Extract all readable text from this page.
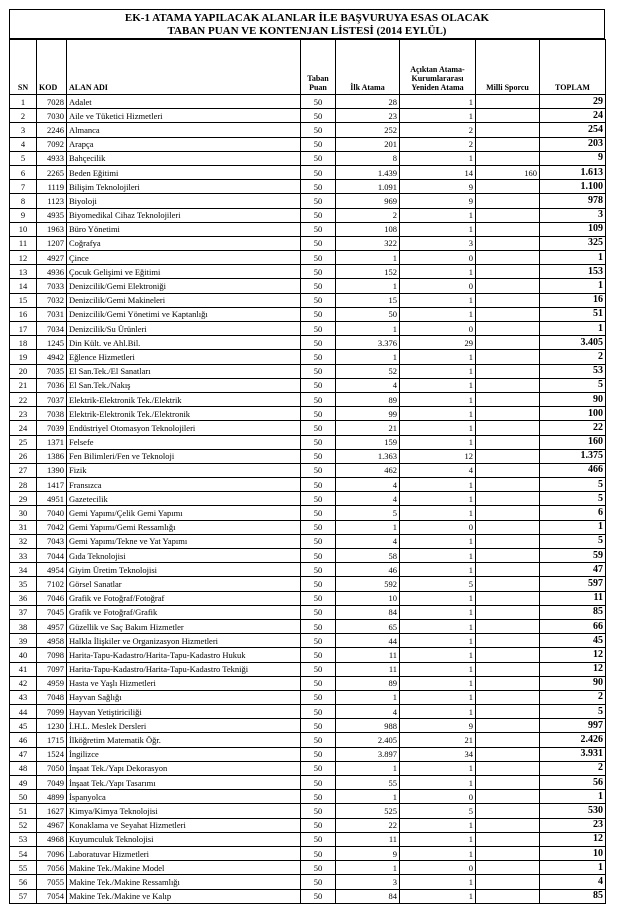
EK-1 ATAMA YAPILACAK ALANLAR İLE BAŞVURUYA ESAS OLACAK
TABAN PUAN VE KONTENJAN LİSTESİ (2014 EYLÜL)
SN	KOD	ALAN ADI	Taban Puan	İlk Atama	Açıktan Atama-Kurumlararası Yeniden Atama	Milli Sporcu	TOPLAM
1	7028	Adalet	50	28	1		29
2	7030	Aile ve Tüketici Hizmetleri	50	23	1		24
3	2246	Almanca	50	252	2		254
4	7092	Arapça	50	201	2		203
5	4933	Bahçecilik	50	8	1		9
6	2265	Beden Eğitimi	50	1.439	14	160	1.613
7	1119	Bilişim Teknolojileri	50	1.091	9		1.100
8	1123	Biyoloji	50	969	9		978
9	4935	Biyomedikal Cihaz Teknolojileri	50	2	1		3
10	1963	Büro Yönetimi	50	108	1		109
11	1207	Coğrafya	50	322	3		325
12	4927	Çince	50	1	0		1
13	4936	Çocuk Gelişimi ve Eğitimi	50	152	1		153
14	7033	Denizcilik/Gemi Elektroniği	50	1	0		1
15	7032	Denizcilik/Gemi Makineleri	50	15	1		16
16	7031	Denizcilik/Gemi Yönetimi ve Kaptanlığı	50	50	1		51
17	7034	Denizcilik/Su Ürünleri	50	1	0		1
18	1245	Din Kült. ve Ahl.Bil.	50	3.376	29		3.405
19	4942	Eğlence Hizmetleri	50	1	1		2
20	7035	El San.Tek./El Sanatları	50	52	1		53
21	7036	El San.Tek./Nakış	50	4	1		5
22	7037	Elektrik-Elektronik Tek./Elektrik	50	89	1		90
23	7038	Elektrik-Elektronik Tek./Elektronik	50	99	1		100
24	7039	Endüstriyel Otomasyon Teknolojileri	50	21	1		22
25	1371	Felsefe	50	159	1		160
26	1386	Fen Bilimleri/Fen ve Teknoloji	50	1.363	12		1.375
27	1390	Fizik	50	462	4		466
28	1417	Fransızca	50	4	1		5
29	4951	Gazetecilik	50	4	1		5
30	7040	Gemi Yapımı/Çelik Gemi Yapımı	50	5	1		6
31	7042	Gemi Yapımı/Gemi Ressamlığı	50	1	0		1
32	7043	Gemi Yapımı/Tekne ve Yat Yapımı	50	4	1		5
33	7044	Gıda Teknolojisi	50	58	1		59
34	4954	Giyim Üretim Teknolojisi	50	46	1		47
35	7102	Görsel Sanatlar	50	592	5		597
36	7046	Grafik ve Fotoğraf/Fotoğraf	50	10	1		11
37	7045	Grafik ve Fotoğraf/Grafik	50	84	1		85
38	4957	Güzellik ve Saç Bakım Hizmetler	50	65	1		66
39	4958	Halkla İlişkiler ve Organizasyon Hizmetleri	50	44	1		45
40	7098	Harita-Tapu-Kadastro/Harita-Tapu-Kadastro Hukuk	50	11	1		12
41	7097	Harita-Tapu-Kadastro/Harita-Tapu-Kadastro Tekniği	50	11	1		12
42	4959	Hasta ve Yaşlı Hizmetleri	50	89	1		90
43	7048	Hayvan Sağlığı	50	1	1		2
44	7099	Hayvan Yetiştiriciliği	50	4	1		5
45	1230	İ.H.L. Meslek Dersleri	50	988	9		997
46	1715	İlköğretim Matematik Öğr.	50	2.405	21		2.426
47	1524	İngilizce	50	3.897	34		3.931
48	7050	İnşaat Tek./Yapı Dekorasyon	50	1	1		2
49	7049	İnşaat Tek./Yapı Tasarımı	50	55	1		56
50	4899	İspanyolca	50	1	0		1
51	1627	Kimya/Kimya Teknolojisi	50	525	5		530
52	4967	Konaklama ve Seyahat Hizmetleri	50	22	1		23
53	4968	Kuyumculuk Teknolojisi	50	11	1		12
54	7096	Laboratuvar Hizmetleri	50	9	1		10
55	7056	Makine Tek./Makine Model	50	1	0		1
56	7055	Makine Tek./Makine Ressamlığı	50	3	1		4
57	7054	Makine Tek./Makine ve Kalıp	50	84	1		85
